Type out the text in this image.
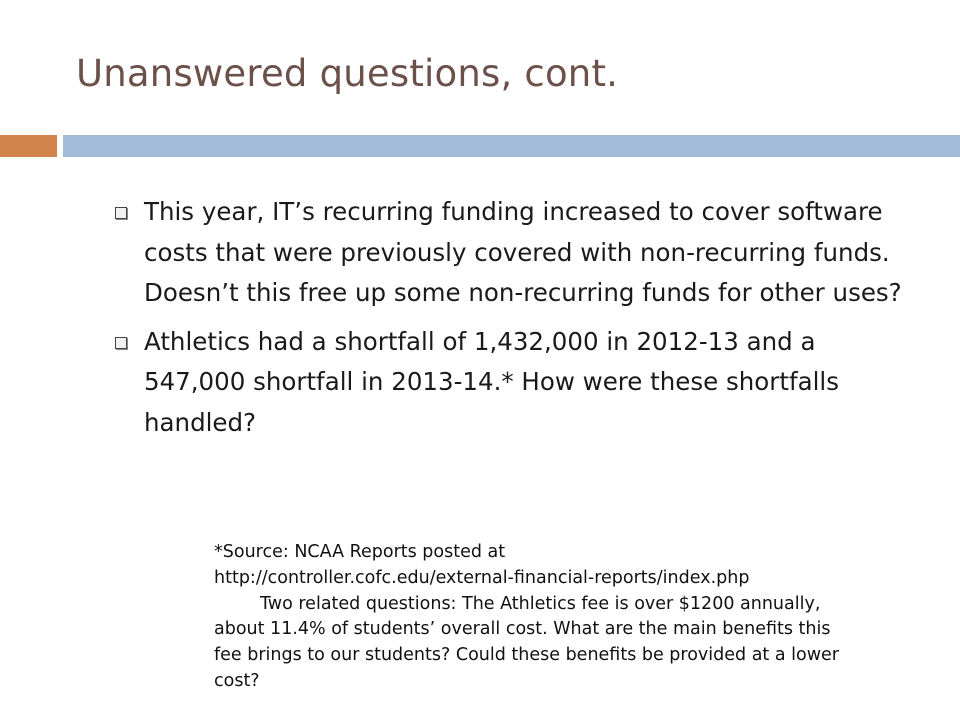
Unanswered questions, cont.
This year, IT’s recurring funding increased to cover software costs that were previously covered with non-recurring funds. Doesn’t this free up some non-recurring funds for other uses?
Athletics had a shortfall of 1,432,000 in 2012-13 and a 547,000 shortfall in 2013-14.* How were these shortfalls handled?

*Source: NCAA Reports posted at

http://controller.cofc.edu/external-financial-reports/index.php

Two related questions: The Athletics fee is over $1200 annually, about 11.4% of students’ overall cost. What are the main benefits this fee brings to our students? Could these benefits be provided at a lower cost?
